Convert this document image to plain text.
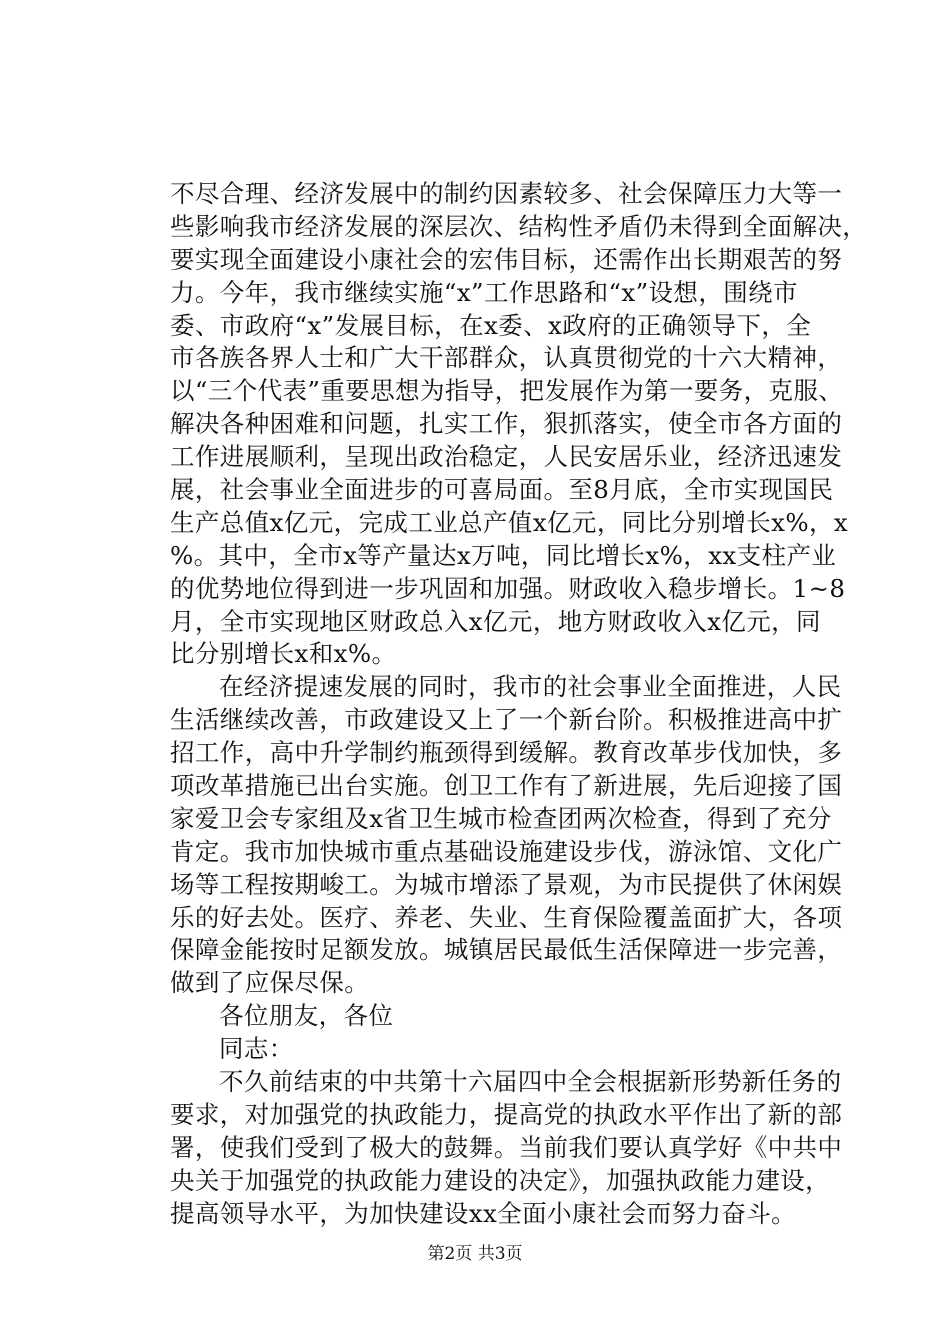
不尽合理、经济发展中的制约因素较多、社会保障压力大等一
些影响我市经济发展的深层次、结构性矛盾仍未得到全面解决，
要实现全面建设小康社会的宏伟目标，还需作出长期艰苦的努
力。今年，我市继续实施“x”工作思路和“x”设想，围绕市
委、市政府“x”发展目标，在x委、x政府的正确领导下，全
市各族各界人士和广大干部群众，认真贯彻党的十六大精神，
以“三个代表”重要思想为指导，把发展作为第一要务，克服、
解决各种困难和问题，扎实工作，狠抓落实，使全市各方面的
工作进展顺利，呈现出政治稳定，人民安居乐业，经济迅速发
展，社会事业全面进步的可喜局面。至8月底，全市实现国民
生产总值x亿元，完成工业总产值x亿元，同比分别增长x%，x
%。其中，全市x等产量达x万吨，同比增长x%，xx支柱产业
的优势地位得到进一步巩固和加强。财政收入稳步增长。1~8
月，全市实现地区财政总入x亿元，地方财政收入x亿元，同
比分别增长x和x%。
在经济提速发展的同时，我市的社会事业全面推进，人民
生活继续改善，市政建设又上了一个新台阶。积极推进高中扩
招工作，高中升学制约瓶颈得到缓解。教育改革步伐加快，多
项改革措施已出台实施。创卫工作有了新进展，先后迎接了国
家爱卫会专家组及x省卫生城市检查团两次检查，得到了充分
肯定。我市加快城市重点基础设施建设步伐，游泳馆、文化广
场等工程按期峻工。为城市增添了景观，为市民提供了休闲娱
乐的好去处。医疗、养老、失业、生育保险覆盖面扩大，各项
保障金能按时足额发放。城镇居民最低生活保障进一步完善，
做到了应保尽保。
各位朋友，各位
同志：
不久前结束的中共第十六届四中全会根据新形势新任务的
要求，对加强党的执政能力，提高党的执政水平作出了新的部
署，使我们受到了极大的鼓舞。当前我们要认真学好《中共中
央关于加强党的执政能力建设的决定》，加强执政能力建设，
提高领导水平，为加快建设xx全面小康社会而努力奋斗。
第2页 共3页
